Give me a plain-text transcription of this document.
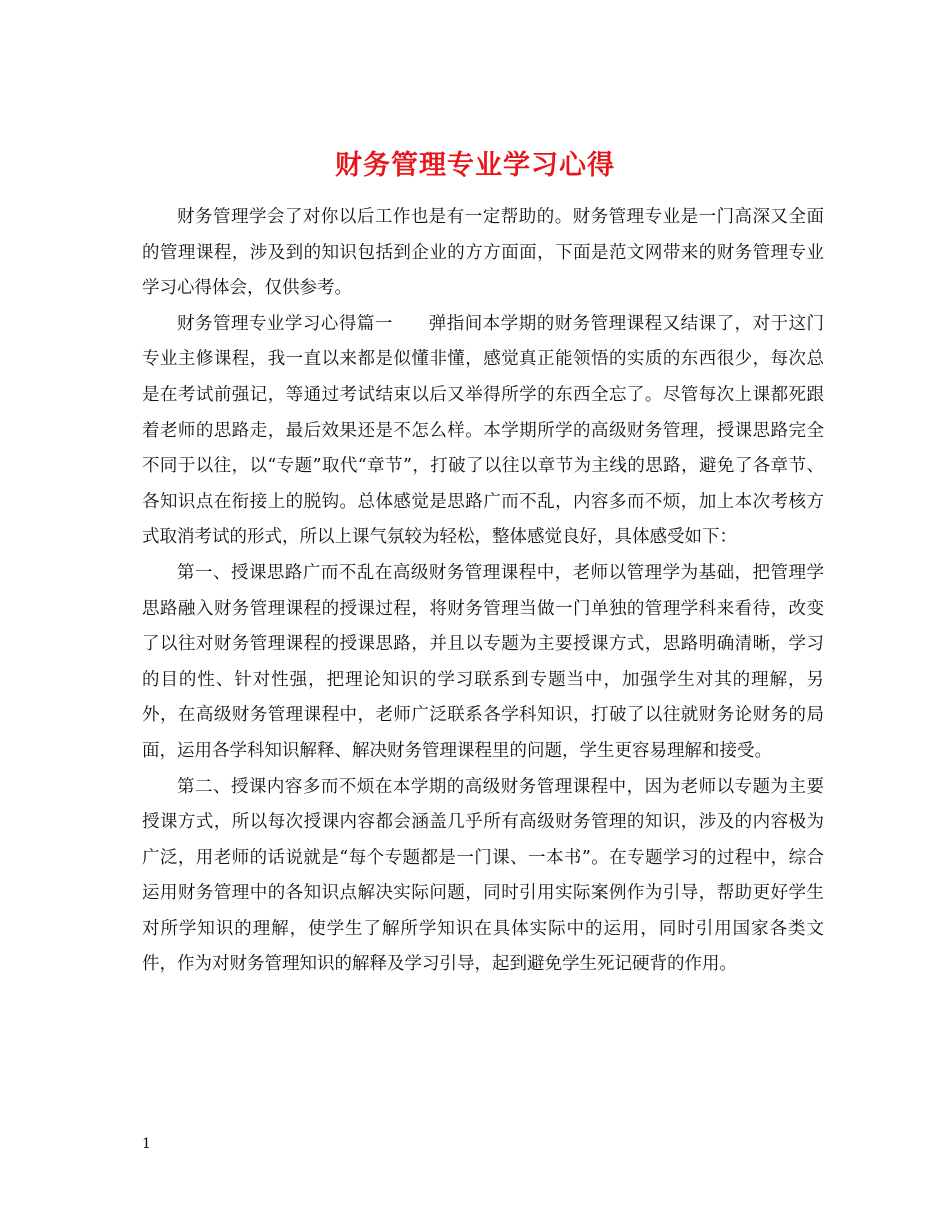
财务管理专业学习心得

财务管理学会了对你以后工作也是有一定帮助的。财务管理专业是一门高深又全面的管理课程，涉及到的知识包括到企业的方方面面，下面是范文网带来的财务管理专业学习心得体会，仅供参考。

财务管理专业学习心得篇一　　弹指间本学期的财务管理课程又结课了，对于这门专业主修课程，我一直以来都是似懂非懂，感觉真正能领悟的实质的东西很少，每次总是在考试前强记，等通过考试结束以后又举得所学的东西全忘了。尽管每次上课都死跟着老师的思路走，最后效果还是不怎么样。本学期所学的高级财务管理，授课思路完全不同于以往，以“专题”取代“章节”，打破了以往以章节为主线的思路，避免了各章节、各知识点在衔接上的脱钩。总体感觉是思路广而不乱，内容多而不烦，加上本次考核方式取消考试的形式，所以上课气氛较为轻松，整体感觉良好，具体感受如下：

第一、授课思路广而不乱在高级财务管理课程中，老师以管理学为基础，把管理学思路融入财务管理课程的授课过程，将财务管理当做一门单独的管理学科来看待，改变了以往对财务管理课程的授课思路，并且以专题为主要授课方式，思路明确清晰，学习的目的性、针对性强，把理论知识的学习联系到专题当中，加强学生对其的理解，另外，在高级财务管理课程中，老师广泛联系各学科知识，打破了以往就财务论财务的局面，运用各学科知识解释、解决财务管理课程里的问题，学生更容易理解和接受。

第二、授课内容多而不烦在本学期的高级财务管理课程中，因为老师以专题为主要授课方式，所以每次授课内容都会涵盖几乎所有高级财务管理的知识，涉及的内容极为广泛，用老师的话说就是“每个专题都是一门课、一本书”。在专题学习的过程中，综合运用财务管理中的各知识点解决实际问题，同时引用实际案例作为引导，帮助更好学生对所学知识的理解，使学生了解所学知识在具体实际中的运用，同时引用国家各类文件，作为对财务管理知识的解释及学习引导，起到避免学生死记硬背的作用。

1
